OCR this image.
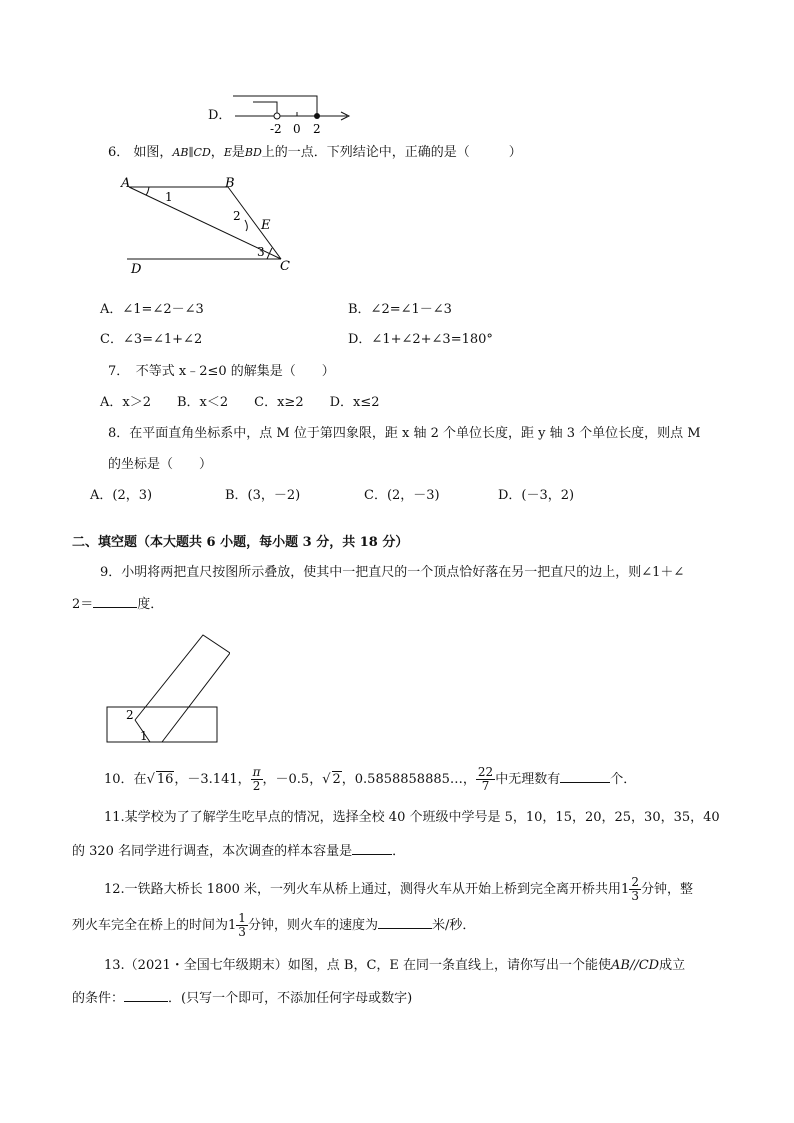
D．
-2 0 2
6． 如图，AB∥CD，E是BD上的一点．下列结论中，正确的是（　　　）
A	B
E
C
D
1
2
3
A．∠1=∠2－∠3	B．∠2=∠1－∠3
C．∠3=∠1+∠2	D．∠1+∠2+∠3=180°
7．　不等式 x﹣2≤0 的解集是（　　）
A．x＞2　　B．x＜2　　C．x≥2　　D．x≤2
8．在平面直角坐标系中，点 M 位于第四象限，距 x 轴 2 个单位长度，距 y 轴 3 个单位长度，则点 M
的坐标是（　　）
A．(2，3)	B．(3，－2)	C．(2，－3)	D．(－3，2)
二、填空题（本大题共 6 小题，每小题 3 分，共 18 分）
9．小明将两把直尺按图所示叠放，使其中一把直尺的一个顶点恰好落在另一把直尺的边上，则∠1＋∠
2＝	度．
2
1
10．在√ 16，－3.141， $\frac{\pi}{2}$ ，－0.5，√ 2，0.5858858885…， $\frac{22}{7}$ 中无理数有	个．
11.某学校为了了解学生吃早点的情况，选择全校 40 个班级中学号是 5，10，15，20，25，30，35，40
的 320 名同学进行调查，本次调查的样本容量是	．
12.一铁路大桥长 1800 米，一列火车从桥上通过，测得火车从开始上桥到完全离开桥共用$1 \frac{2}{3}$ 分钟，整
列火车完全在桥上的时间为$1 \frac{1}{3}$ 分钟，则火车的速度为	米/秒．
13.（2021・全国七年级期末）如图，点 B，C，E 在同一条直线上，请你写出一个能使AB//CD成立
的条件：	．(只写一个即可，不添加任何字母或数字)
